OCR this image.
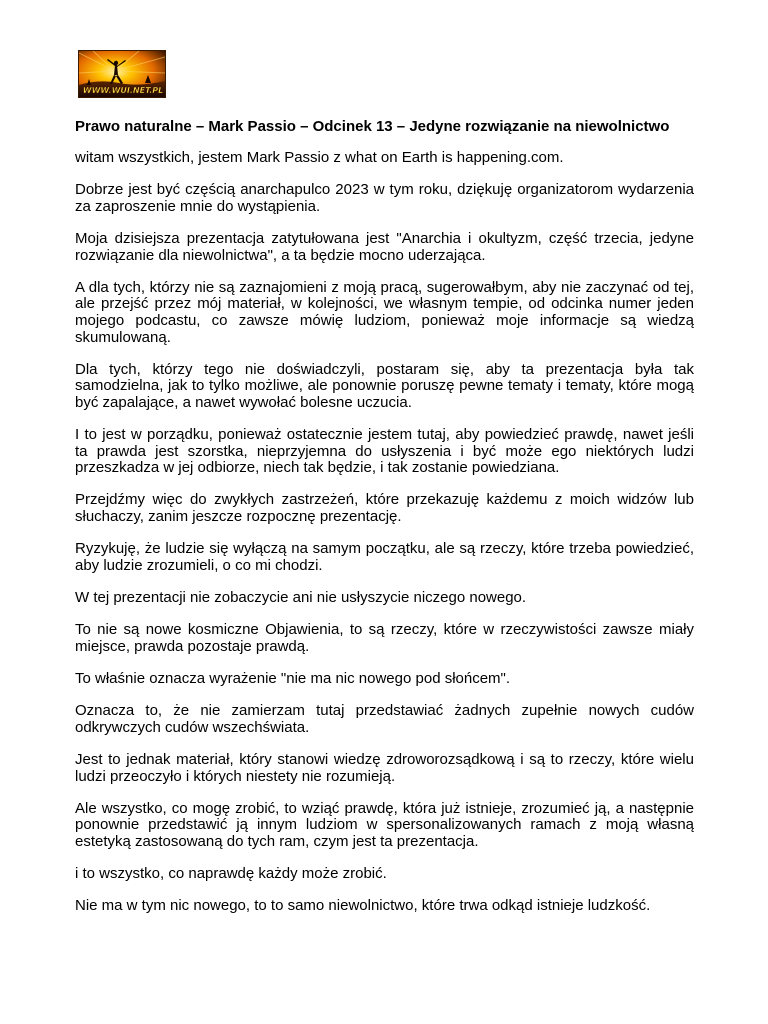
WWW.WUI.NET.PL
Prawo naturalne – Mark Passio – Odcinek 13 – Jedyne rozwiązanie na niewolnictwo

witam wszystkich, jestem Mark Passio z what on Earth is happening.com.

Dobrze jest być częścią anarchapulco 2023 w tym roku, dziękuję organizatorom wydarzenia za zaproszenie mnie do wystąpienia.

Moja dzisiejsza prezentacja zatytułowana jest "Anarchia i okultyzm, część trzecia, jedyne rozwiązanie dla niewolnictwa", a ta będzie mocno uderzająca.

A dla tych, którzy nie są zaznajomieni z moją pracą, sugerowałbym, aby nie zaczynać od tej, ale przejść przez mój materiał, w kolejności, we własnym tempie, od odcinka numer jeden mojego podcastu, co zawsze mówię ludziom, ponieważ moje informacje są wiedzą skumulowaną.

Dla tych, którzy tego nie doświadczyli, postaram się, aby ta prezentacja była tak samodzielna, jak to tylko możliwe, ale ponownie poruszę pewne tematy i tematy, które mogą być zapalające, a nawet wywołać bolesne uczucia.

I to jest w porządku, ponieważ ostatecznie jestem tutaj, aby powiedzieć prawdę, nawet jeśli ta prawda jest szorstka, nieprzyjemna do usłyszenia i być może ego niektórych ludzi przeszkadza w jej odbiorze, niech tak będzie, i tak zostanie powiedziana.

Przejdźmy więc do zwykłych zastrzeżeń, które przekazuję każdemu z moich widzów lub słuchaczy, zanim jeszcze rozpocznę prezentację.

Ryzykuję, że ludzie się wyłączą na samym początku, ale są rzeczy, które trzeba powiedzieć, aby ludzie zrozumieli, o co mi chodzi.

W tej prezentacji nie zobaczycie ani nie usłyszycie niczego nowego.

To nie są nowe kosmiczne Objawienia, to są rzeczy, które w rzeczywistości zawsze miały miejsce, prawda pozostaje prawdą.

To właśnie oznacza wyrażenie "nie ma nic nowego pod słońcem".

Oznacza to, że nie zamierzam tutaj przedstawiać żadnych zupełnie nowych cudów odkrywczych cudów wszechświata.

Jest to jednak materiał, który stanowi wiedzę zdroworozsądkową i są to rzeczy, które wielu ludzi przeoczyło i których niestety nie rozumieją.

Ale wszystko, co mogę zrobić, to wziąć prawdę, która już istnieje, zrozumieć ją, a następnie ponownie przedstawić ją innym ludziom w spersonalizowanych ramach z moją własną estetyką zastosowaną do tych ram, czym jest ta prezentacja.

i to wszystko, co naprawdę każdy może zrobić.

Nie ma w tym nic nowego, to to samo niewolnictwo, które trwa odkąd istnieje ludzkość.
